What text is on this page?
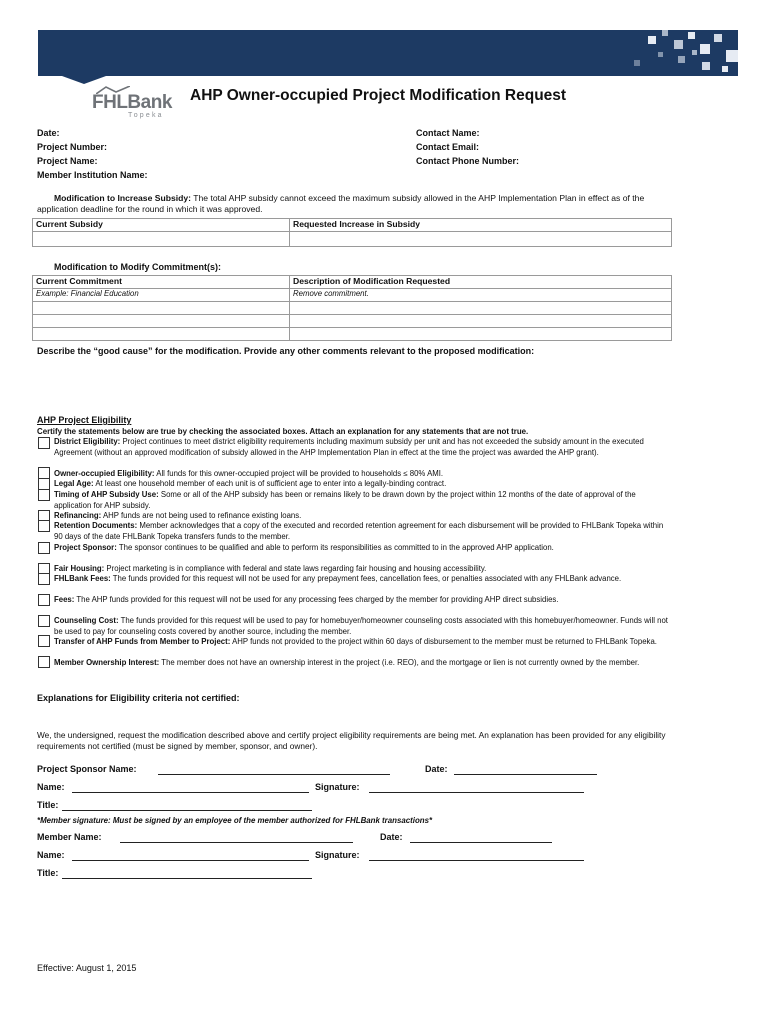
FHLBank
Topeka
AHP Owner-occupied Project Modification Request
Date:
Project Number:
Project Name:
Member Institution Name:
Contact Name:
Contact Email:
Contact Phone Number:
Modification to Increase Subsidy: The total AHP subsidy cannot exceed the maximum subsidy allowed in the AHP Implementation Plan in effect as of the application deadline for the round in which it was approved.
Current Subsidy	Requested Increase in Subsidy

Modification to Modify Commitment(s):
Current Commitment	Description of Modification Requested
Example: Financial Education	Remove commitment.

Describe the “good cause” for the modification. Provide any other comments relevant to the proposed modification:
AHP Project Eligibility
Certify the statements below are true by checking the associated boxes. Attach an explanation for any statements that are not true.
District Eligibility: Project continues to meet district eligibility requirements including maximum subsidy per unit and has not exceeded the subsidy amount in the executed Agreement (without an approved modification of subsidy allowed in the AHP Implementation Plan in effect at the time the project was awarded the AHP grant).
Owner-occupied Eligibility: All funds for this owner-occupied project will be provided to households ≤ 80% AMI.
Legal Age: At least one household member of each unit is of sufficient age to enter into a legally-binding contract.
Timing of AHP Subsidy Use: Some or all of the AHP subsidy has been or remains likely to be drawn down by the project within 12 months of the date of approval of the application for AHP subsidy.
Refinancing: AHP funds are not being used to refinance existing loans.
Retention Documents: Member acknowledges that a copy of the executed and recorded retention agreement for each disbursement will be provided to FHLBank Topeka within 90 days of the date FHLBank Topeka transfers funds to the member.
Project Sponsor: The sponsor continues to be qualified and able to perform its responsibilities as committed to in the approved AHP application.
Fair Housing: Project marketing is in compliance with federal and state laws regarding fair housing and housing accessibility.
FHLBank Fees: The funds provided for this request will not be used for any prepayment fees, cancellation fees, or penalties associated with any FHLBank advance.
Fees: The AHP funds provided for this request will not be used for any processing fees charged by the member for providing AHP direct subsidies.
Counseling Cost: The funds provided for this request will be used to pay for homebuyer/homeowner counseling costs associated with this homebuyer/homeowner. Funds will not be used to pay for counseling costs covered by another source, including the member.
Transfer of AHP Funds from Member to Project: AHP funds not provided to the project within 60 days of disbursement to the member must be returned to FHLBank Topeka.
Member Ownership Interest: The member does not have an ownership interest in the project (i.e. REO), and the mortgage or lien is not currently owned by the member.
Explanations for Eligibility criteria not certified:
We, the undersigned, request the modification described above and certify project eligibility requirements are being met. An explanation has been provided for any eligibility requirements not certified (must be signed by member, sponsor, and owner).
Project Sponsor Name:	Date:
Name:	Signature:
Title:
*Member signature: Must be signed by an employee of the member authorized for FHLBank transactions*
Member Name:	Date:
Name:	Signature:
Title:
Effective: August 1, 2015
